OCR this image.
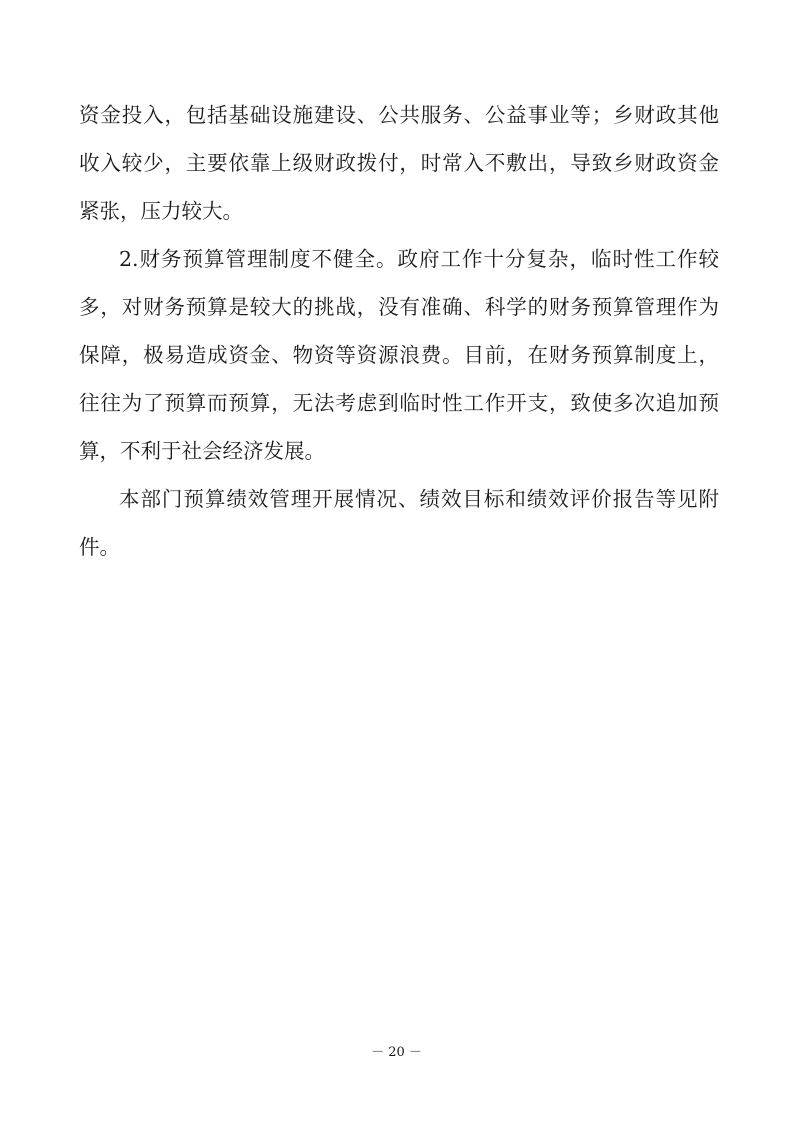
资金投入，包括基础设施建设、公共服务、公益事业等；乡财政其他
收入较少，主要依靠上级财政拨付，时常入不敷出，导致乡财政资金
紧张，压力较大。
2.财务预算管理制度不健全。政府工作十分复杂，临时性工作较
多，对财务预算是较大的挑战，没有准确、科学的财务预算管理作为
保障，极易造成资金、物资等资源浪费。目前，在财务预算制度上，
往往为了预算而预算，无法考虑到临时性工作开支，致使多次追加预
算，不利于社会经济发展。
本部门预算绩效管理开展情况、绩效目标和绩效评价报告等见附
件。
－ 20 －
